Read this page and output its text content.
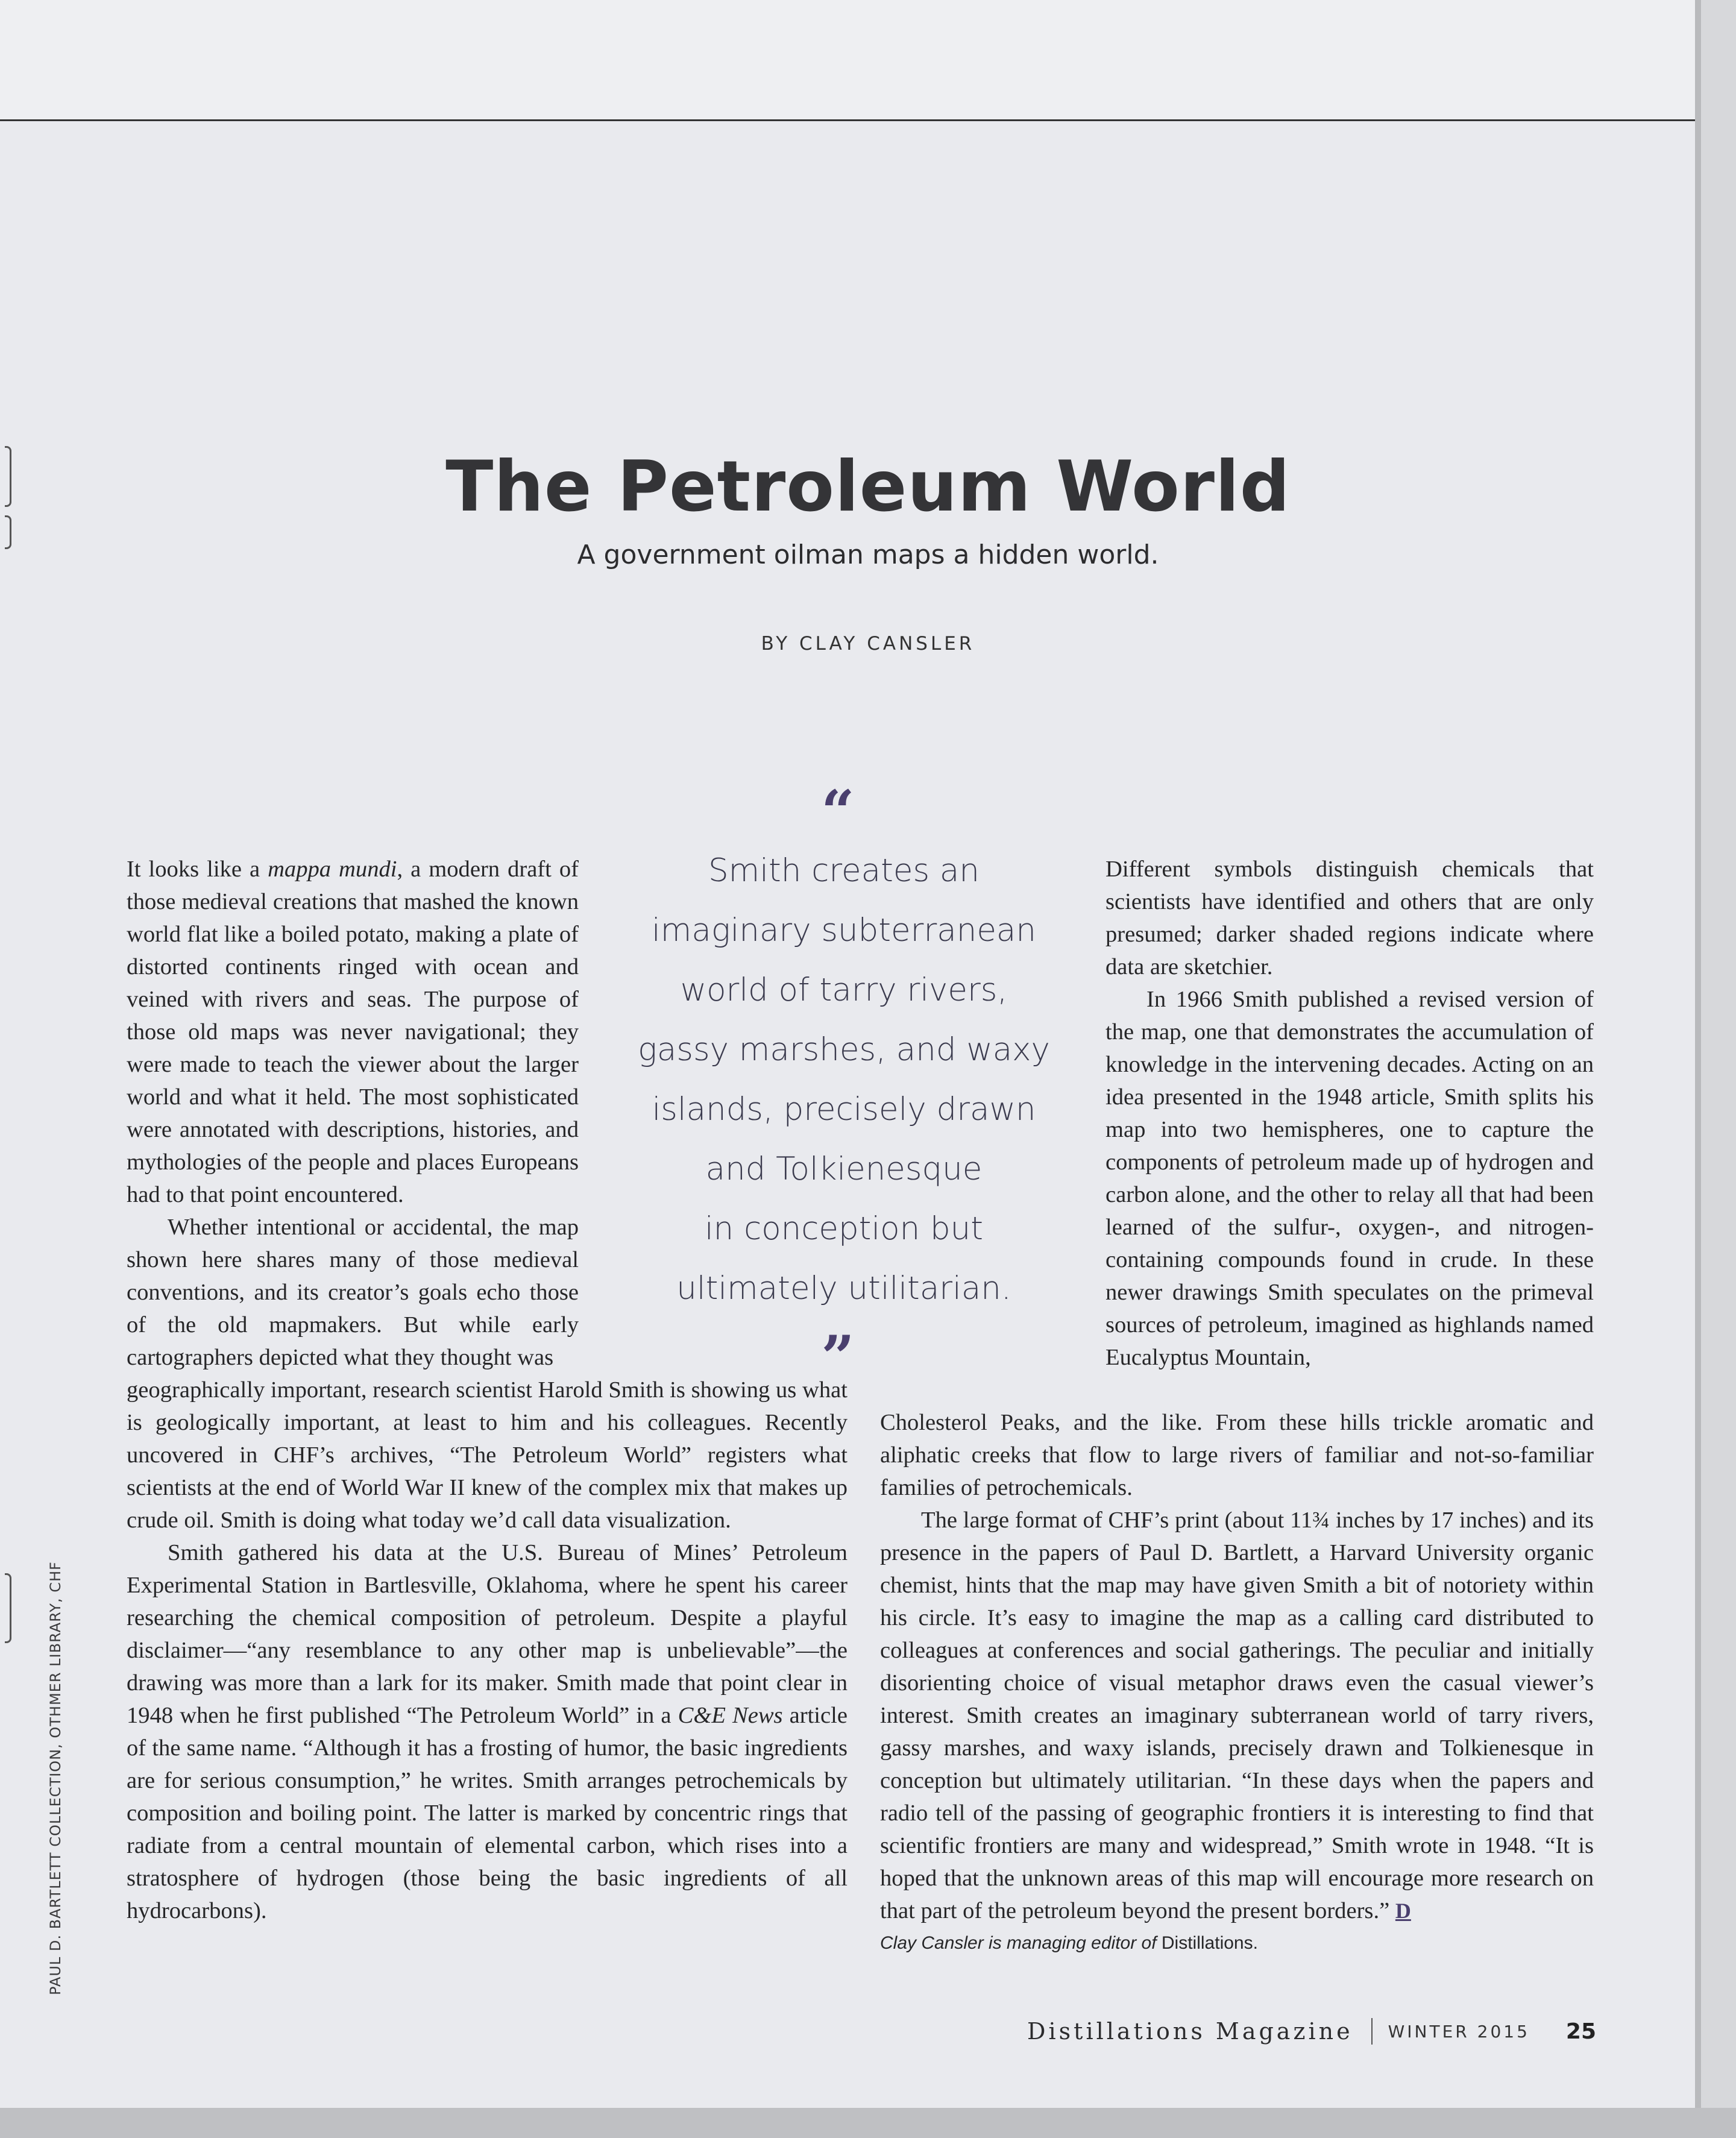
The Petroleum World
A government oilman maps a hidden world.
BY CLAY CANSLER
“
Smith creates an
imaginary subterranean
world of tarry rivers,
gassy marshes, and waxy
islands, precisely drawn
and Tolkienesque
in conception but
ultimately utilitarian.
”

It looks like a mappa mundi, a modern draft of those medieval creations that mashed the known world flat like a boiled potato, making a plate of distorted continents ringed with ocean and veined with rivers and seas. The purpose of those old maps was never navigational; they were made to teach the viewer about the larger world and what it held. The most sophisticated were annotated with descriptions, histories, and mythologies of the people and places Europeans had to that point encountered.

Whether intentional or accidental, the map shown here shares many of those medieval conventions, and its creator’s goals echo those of the old mapmakers. But while early cartographers depicted what they thought was

geographically important, research scientist Harold Smith is showing us what is geologically important, at least to him and his colleagues. Recently uncovered in CHF’s archives, “The Petroleum World” registers what scientists at the end of World War II knew of the complex mix that makes up crude oil. Smith is doing what today we’d call data visualization.

Smith gathered his data at the U.S. Bureau of Mines’ Petroleum Experimental Station in Bartlesville, Oklahoma, where he spent his career researching the chemical composition of petroleum. Despite a playful disclaimer—“any resemblance to any other map is unbelievable”—the drawing was more than a lark for its maker. Smith made that point clear in 1948 when he first published “The Petroleum World” in a C&E News article of the same name. “Although it has a frosting of humor, the basic ingredients are for serious consumption,” he writes. Smith arranges petrochemicals by composition and boiling point. The latter is marked by concentric rings that radiate from a central mountain of elemental carbon, which rises into a stratosphere of hydrogen (those being the basic ingredients of all hydrocarbons).

Different symbols distinguish chemicals that scientists have identified and others that are only presumed; darker shaded regions indicate where data are sketchier.

In 1966 Smith published a revised version of the map, one that demonstrates the accumulation of knowledge in the intervening decades. Acting on an idea presented in the 1948 article, Smith splits his map into two hemispheres, one to capture the components of petroleum made up of hydrogen and carbon alone, and the other to relay all that had been learned of the sulfur-, oxygen-, and nitrogen-containing compounds found in crude. In these newer drawings Smith speculates on the primeval sources of petroleum, imagined as highlands named Eucalyptus Mountain,

Cholesterol Peaks, and the like. From these hills trickle aromatic and aliphatic creeks that flow to large rivers of familiar and not-so-familiar families of petrochemicals.

The large format of CHF’s print (about 11¾ inches by 17 inches) and its presence in the papers of Paul D. Bartlett, a Harvard University organic chemist, hints that the map may have given Smith a bit of notoriety within his circle. It’s easy to imagine the map as a calling card distributed to colleagues at conferences and social gatherings. The peculiar and initially disorienting choice of visual metaphor draws even the casual viewer’s interest. Smith creates an imaginary subterranean world of tarry rivers, gassy marshes, and waxy islands, precisely drawn and Tolkienesque in conception but ultimately utilitarian. “In these days when the papers and radio tell of the passing of geographic frontiers it is interesting to find that scientific frontiers are many and widespread,” Smith wrote in 1948. “It is hoped that the unknown areas of this map will encourage more research on that part of the petroleum beyond the present borders.” D

Clay Cansler is managing editor of Distillations.

PAUL D. BARTLETT COLLECTION, OTHMER LIBRARY, CHF
Distillations Magazine WINTER 2015 25
